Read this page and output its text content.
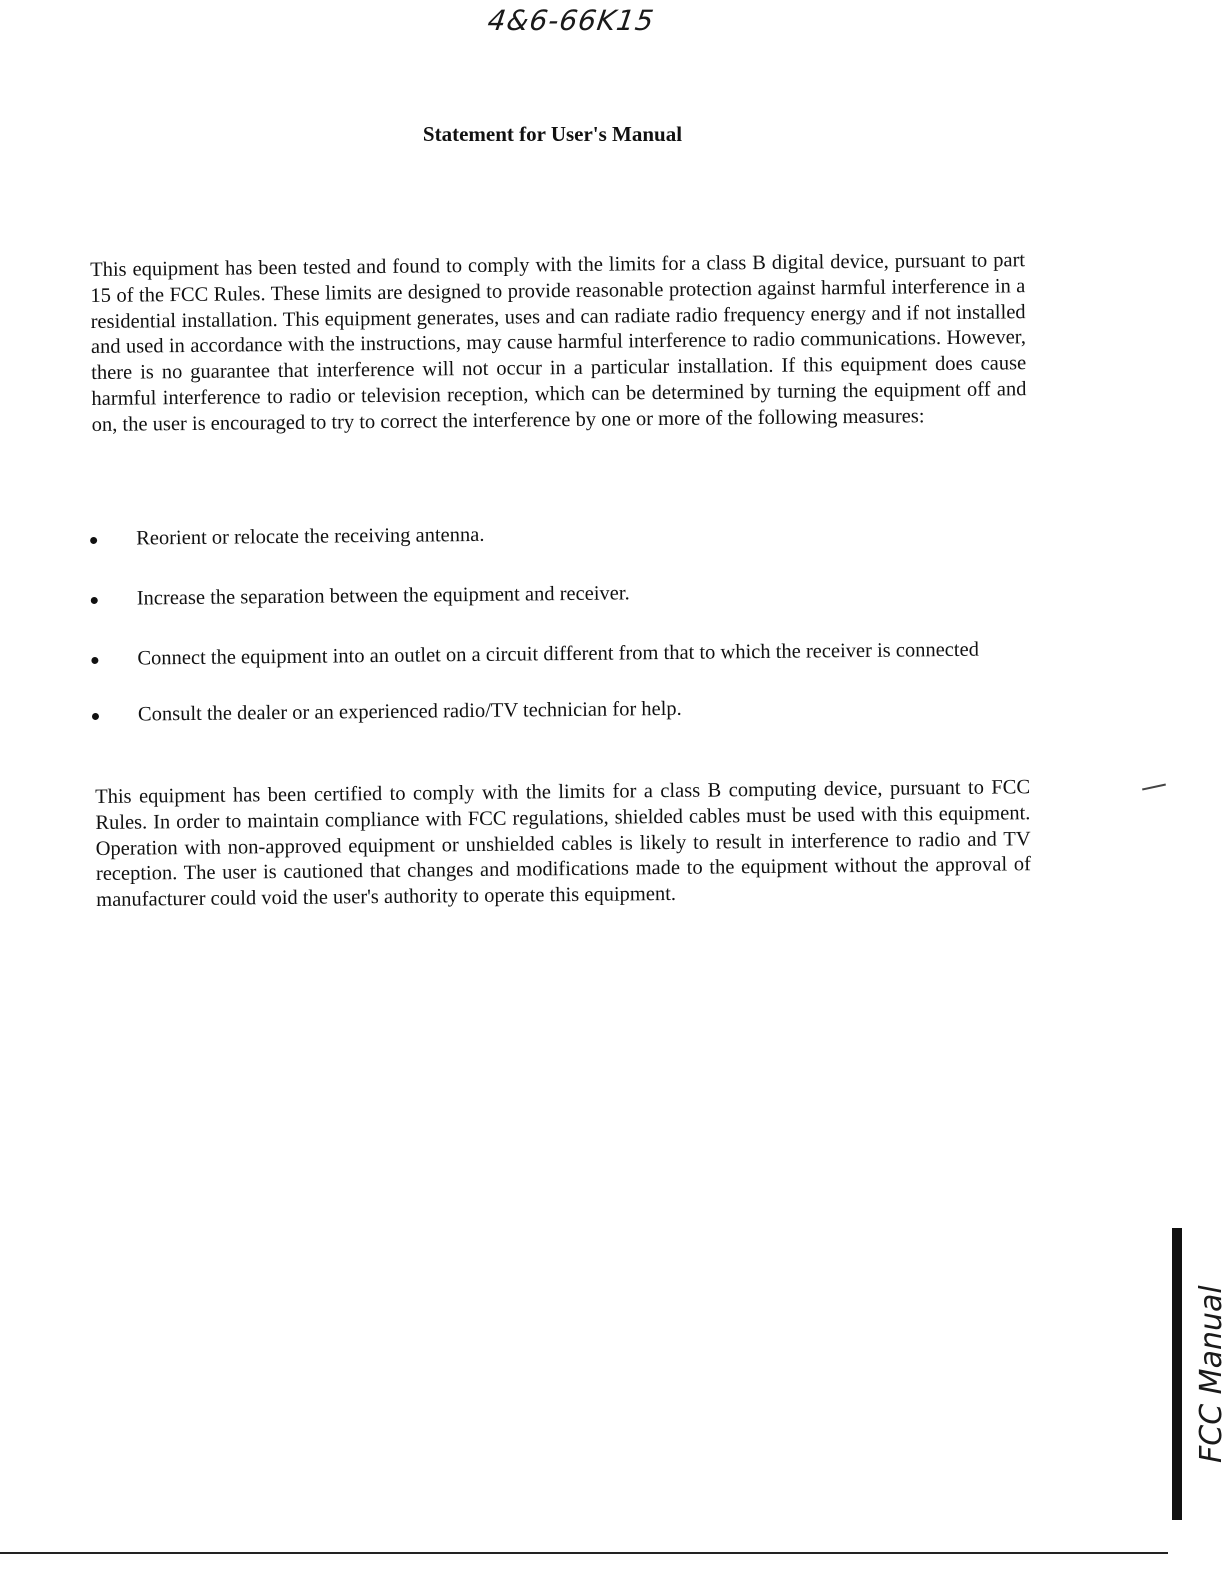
4&6-66K15
Statement for User's Manual

This equipment has been tested and found to comply with the limits for a class B digital device, pursuant to part 15 of the FCC Rules. These limits are designed to provide reasonable protection against harmful interference in a residential installation. This equipment generates, uses and can radiate radio frequency energy and if not installed and used in accordance with the instructions, may cause harmful interference to radio communications. However, there is no guarantee that interference will not occur in a particular installation. If this equipment does cause harmful interference to radio or television reception, which can be determined by turning the equipment off and on, the user is encouraged to try to correct the interference by one or more of the following measures:

Reorient or relocate the receiving antenna.
Increase the separation between the equipment and receiver.
Connect the equipment into an outlet on a circuit different from that to which the receiver is connected
Consult the dealer or an experienced radio/TV technician for help.

This equipment has been certified to comply with the limits for a class B computing device, pursuant to FCC Rules. In order to maintain compliance with FCC regulations, shielded cables must be used with this equipment. Operation with non-approved equipment or unshielded cables is likely to result in interference to radio and TV reception. The user is cautioned that changes and modifications made to the equipment without the approval of manufacturer could void the user's authority to operate this equipment.

FCC Manual
